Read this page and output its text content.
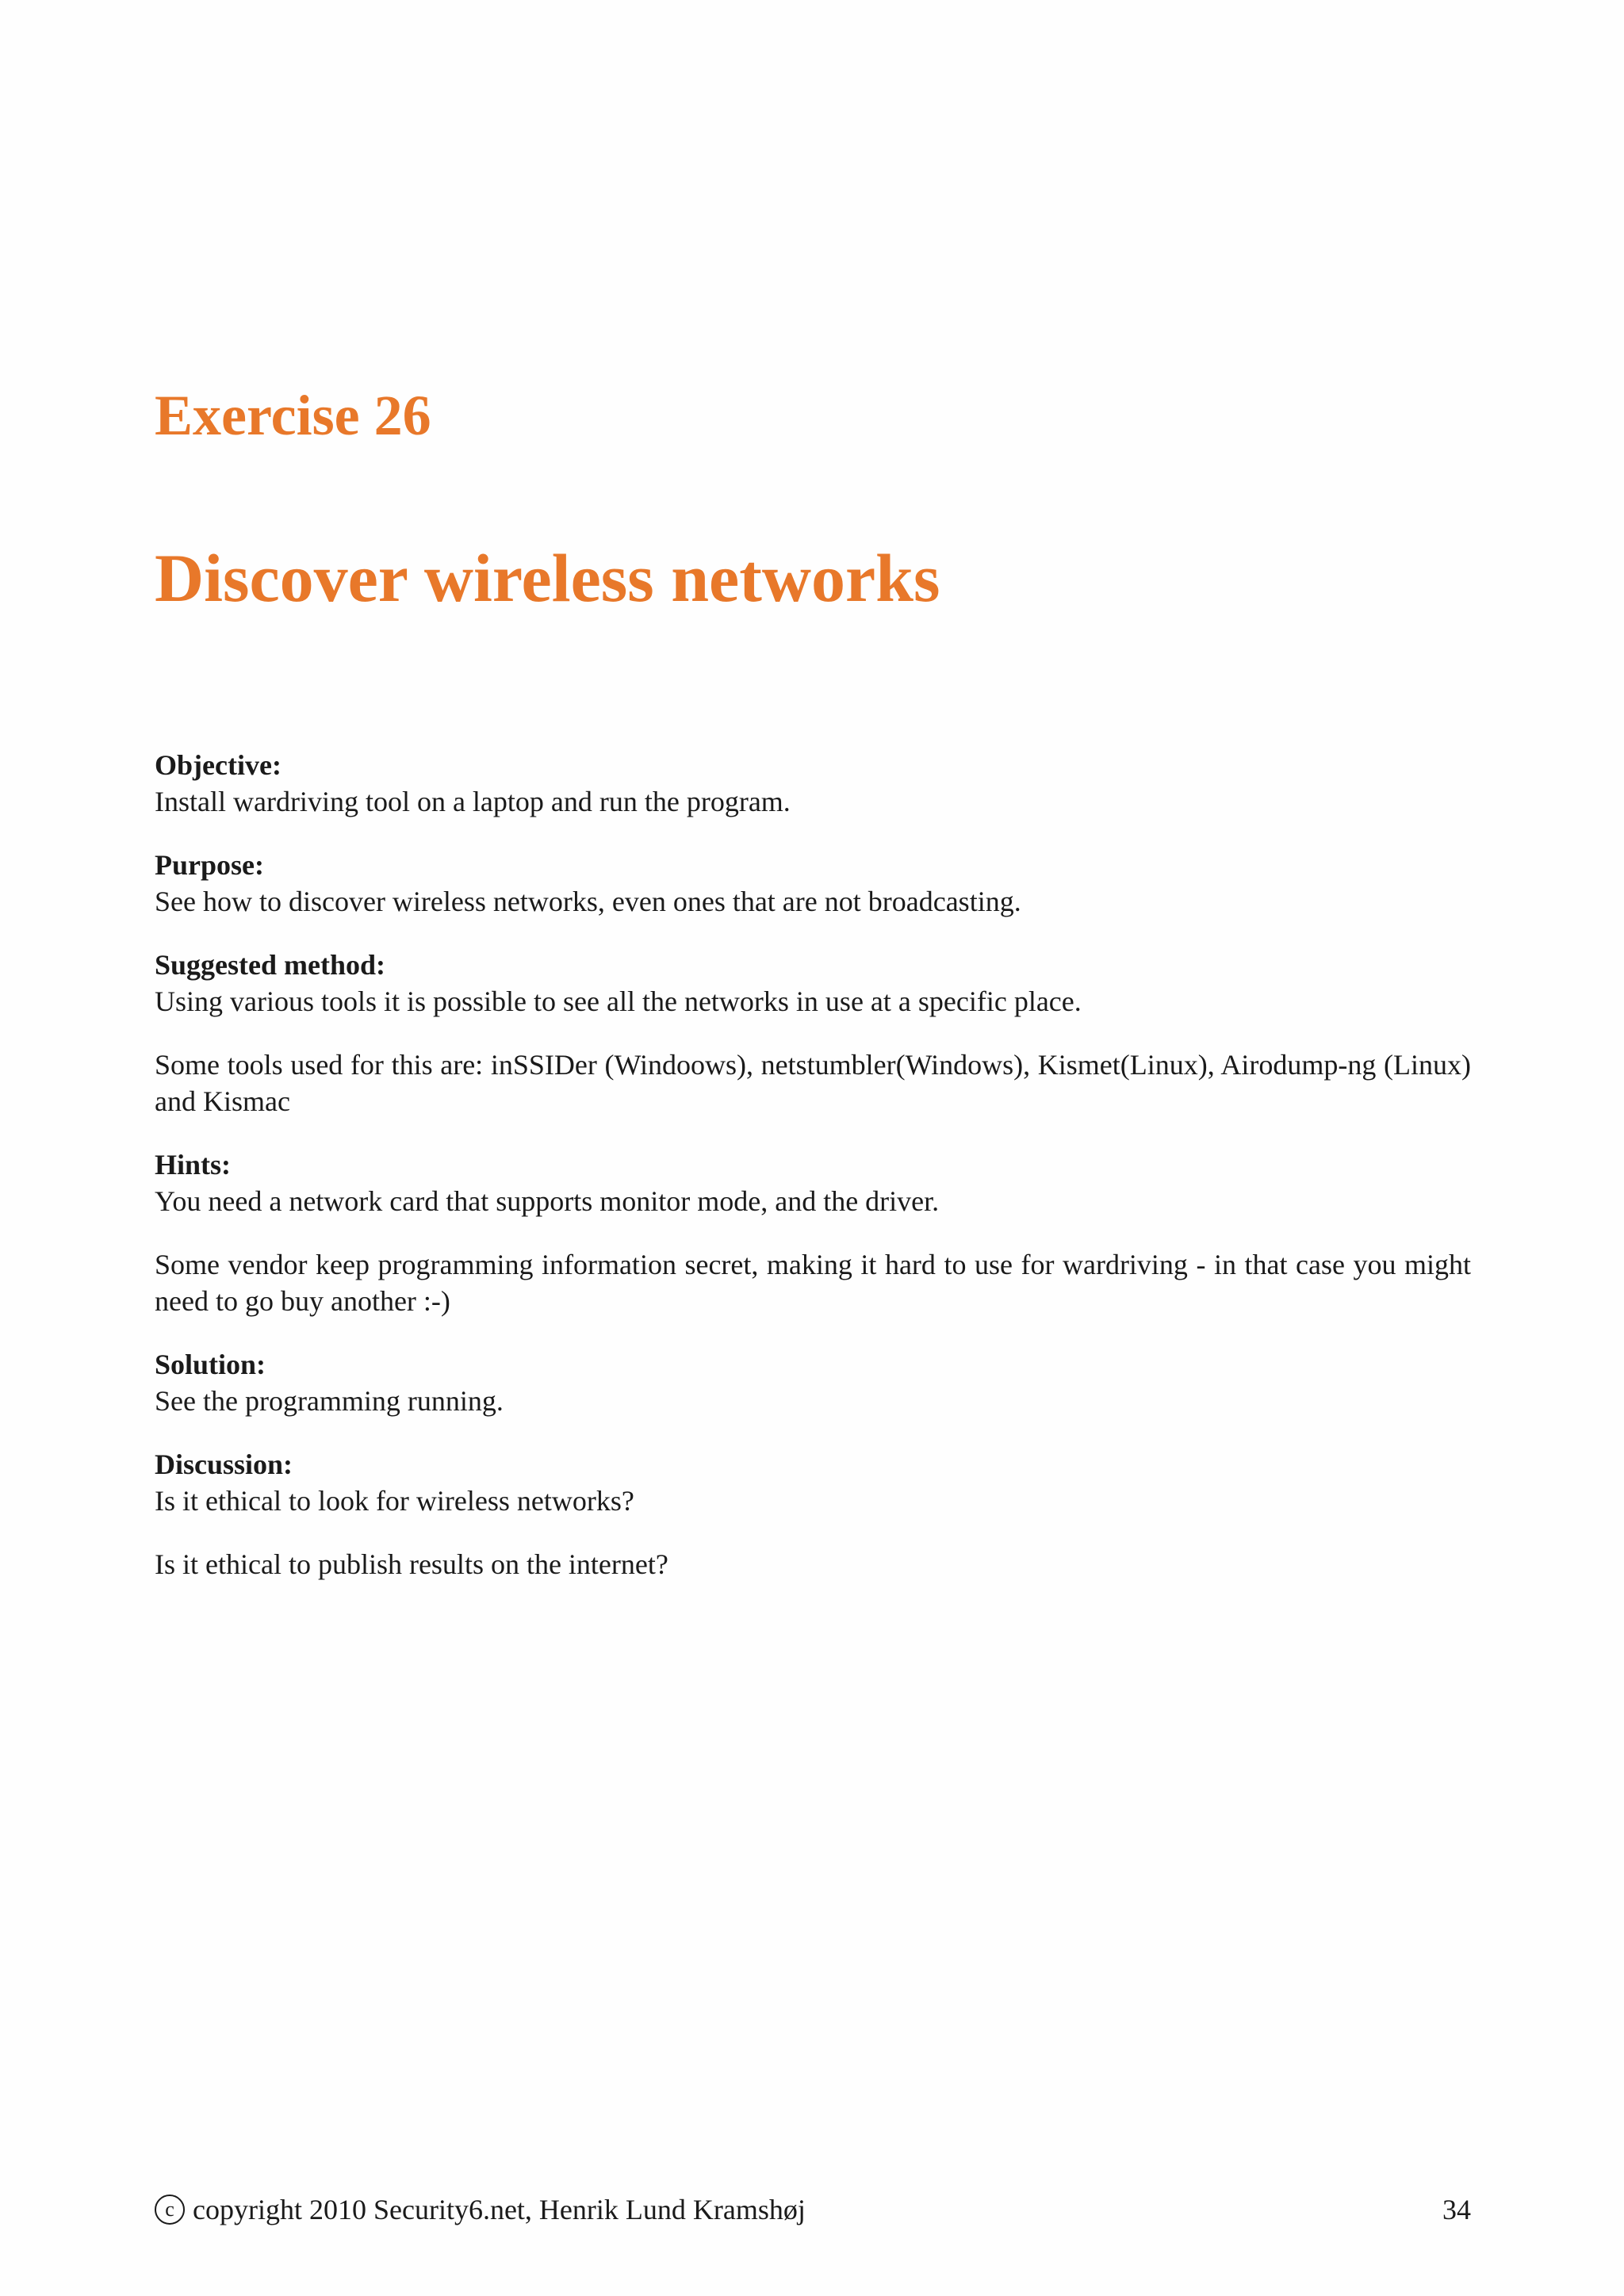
Exercise 26
Discover wireless networks
Objective:
Install wardriving tool on a laptop and run the program.
Purpose:
See how to discover wireless networks, even ones that are not broadcasting.
Suggested method:
Using various tools it is possible to see all the networks in use at a specific place.
Some tools used for this are: inSSIDer (Windoows), netstumbler(Windows), Kismet(Linux), Airodump-ng (Linux) and Kismac
Hints:
You need a network card that supports monitor mode, and the driver.
Some vendor keep programming information secret, making it hard to use for wardriving - in that case you might need to go buy another :-)
Solution:
See the programming running.
Discussion:
Is it ethical to look for wireless networks?
Is it ethical to publish results on the internet?
c copyright 2010 Security6.net, Henrik Lund Kramshøj	34
